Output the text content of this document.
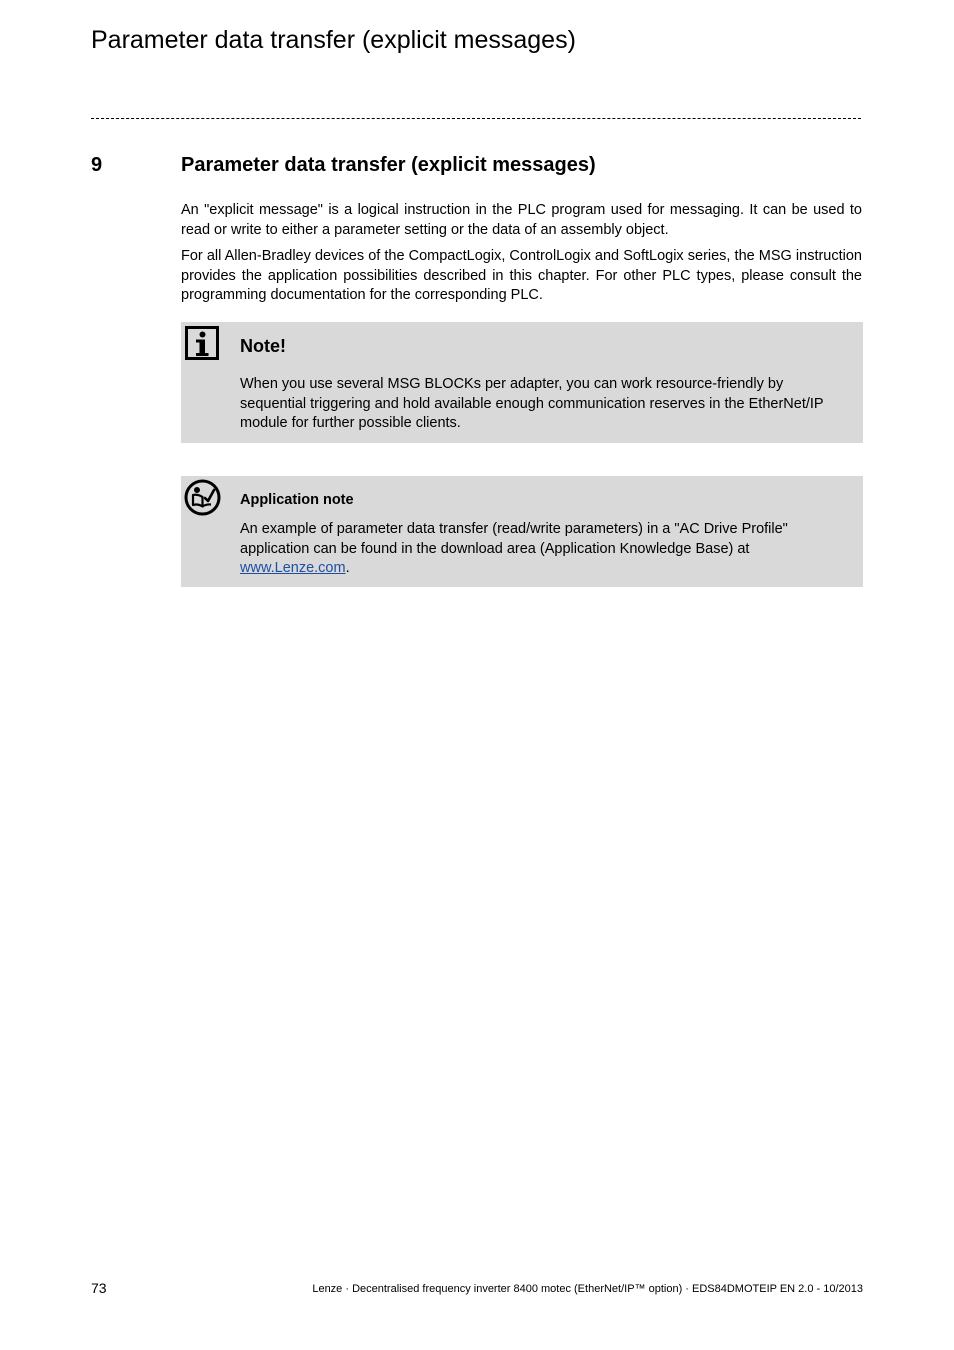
Parameter data transfer (explicit messages)
9	Parameter data transfer (explicit messages)

An "explicit message" is a logical instruction in the PLC program used for messaging. It can be used to read or write to either a parameter setting or the data of an assembly object.

For all Allen-Bradley devices of the CompactLogix, ControlLogix and SoftLogix series, the MSG instruction provides the application possibilities described in this chapter. For other PLC types, please consult the programming documentation for the corresponding PLC.

Note!

When you use several MSG BLOCKs per adapter, you can work resource-friendly by sequential triggering and hold available enough communication reserves in the EtherNet/IP module for further possible clients.

Application note

An example of parameter data transfer (read/write parameters) in a "AC Drive Profile" application can be found in the download area (Application Knowledge Base) at www.Lenze.com.

73	Lenze · Decentralised frequency inverter 8400 motec (EtherNet/IP™ option) · EDS84DMOTEIP EN 2.0 - 10/2013
